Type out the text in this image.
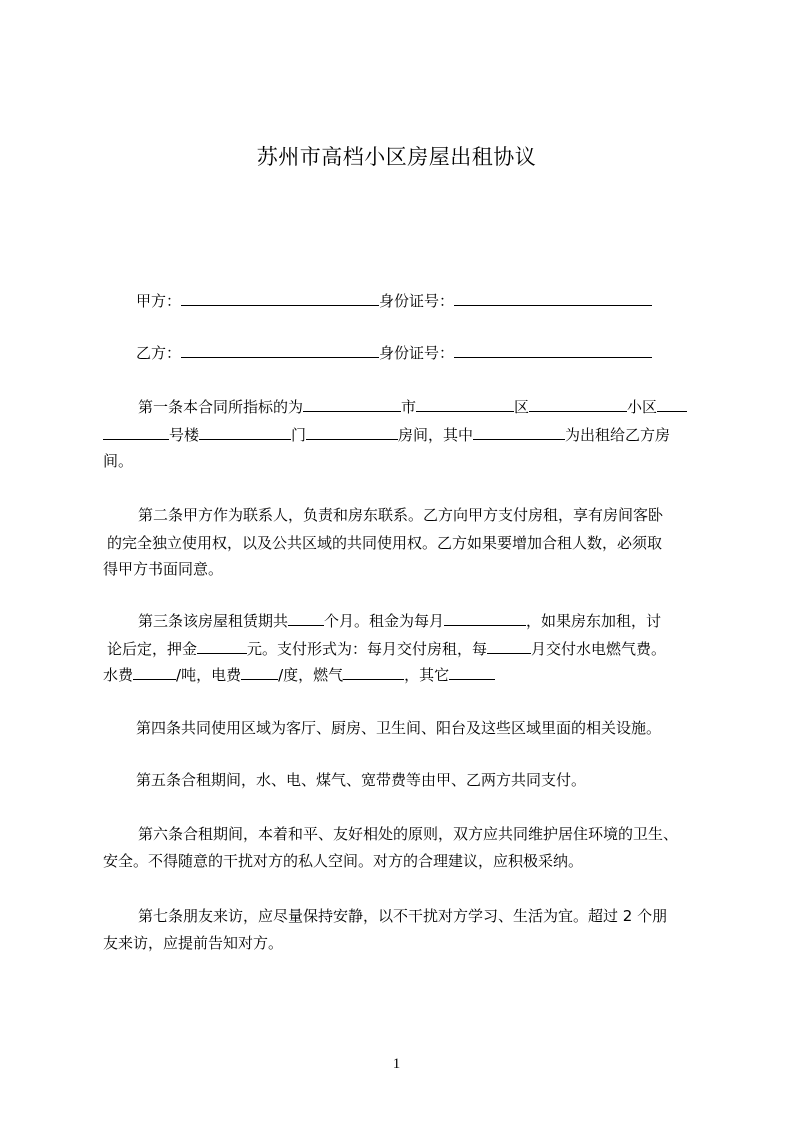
苏州市高档小区房屋出租协议
甲方：	身份证号：
乙方：	身份证号：
第一条本合同所指标的为	市	区	小区
号楼	门	房间，其中	为出租给乙方房
间。
第二条甲方作为联系人，负责和房东联系。乙方向甲方支付房租，享有房间客卧
的完全独立使用权，以及公共区域的共同使用权。乙方如果要增加合租人数，必须取
得甲方书面同意。
第三条该房屋租赁期共 个月。租金为每月	，如果房东加租，讨
论后定，押金	元。支付形式为：每月交付房租，每	月交付水电燃气费。
水费	/吨，电费 /度，燃气	，其它
第四条共同使用区域为客厅、厨房、卫生间、阳台及这些区域里面的相关设施。
第五条合租期间，水、电、煤气、宽带费等由甲、乙两方共同支付。
第六条合租期间，本着和平、友好相处的原则，双方应共同维护居住环境的卫生、
安全。不得随意的干扰对方的私人空间。对方的合理建议，应积极采纳。
第七条朋友来访，应尽量保持安静，以不干扰对方学习、生活为宜。超过 2 个朋
友来访，应提前告知对方。
1
